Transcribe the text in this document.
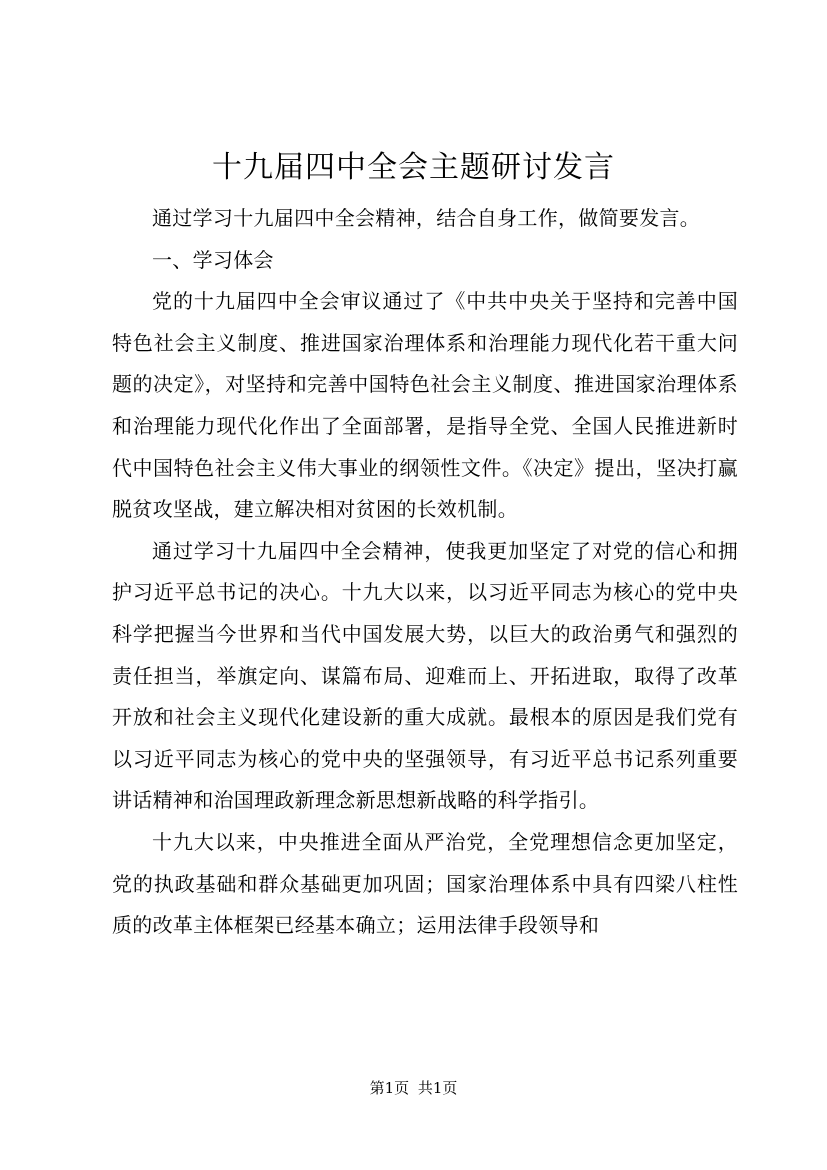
十九届四中全会主题研讨发言

通过学习十九届四中全会精神，结合自身工作，做简要发言。

一、学习体会

党的十九届四中全会审议通过了《中共中央关于坚持和完善中国特色社会主义制度、推进国家治理体系和治理能力现代化若干重大问题的决定》，对坚持和完善中国特色社会主义制度、推进国家治理体系和治理能力现代化作出了全面部署，是指导全党、全国人民推进新时代中国特色社会主义伟大事业的纲领性文件。《决定》提出，坚决打赢脱贫攻坚战，建立解决相对贫困的长效机制。

通过学习十九届四中全会精神，使我更加坚定了对党的信心和拥护习近平总书记的决心。十九大以来，以习近平同志为核心的党中央科学把握当今世界和当代中国发展大势，以巨大的政治勇气和强烈的责任担当，举旗定向、谋篇布局、迎难而上、开拓进取，取得了改革开放和社会主义现代化建设新的重大成就。最根本的原因是我们党有以习近平同志为核心的党中央的坚强领导，有习近平总书记系列重要讲话精神和治国理政新理念新思想新战略的科学指引。

十九大以来，中央推进全面从严治党，全党理想信念更加坚定，党的执政基础和群众基础更加巩固；国家治理体系中具有四梁八柱性质的改革主体框架已经基本确立；运用法律手段领导和

第1页 共1页
